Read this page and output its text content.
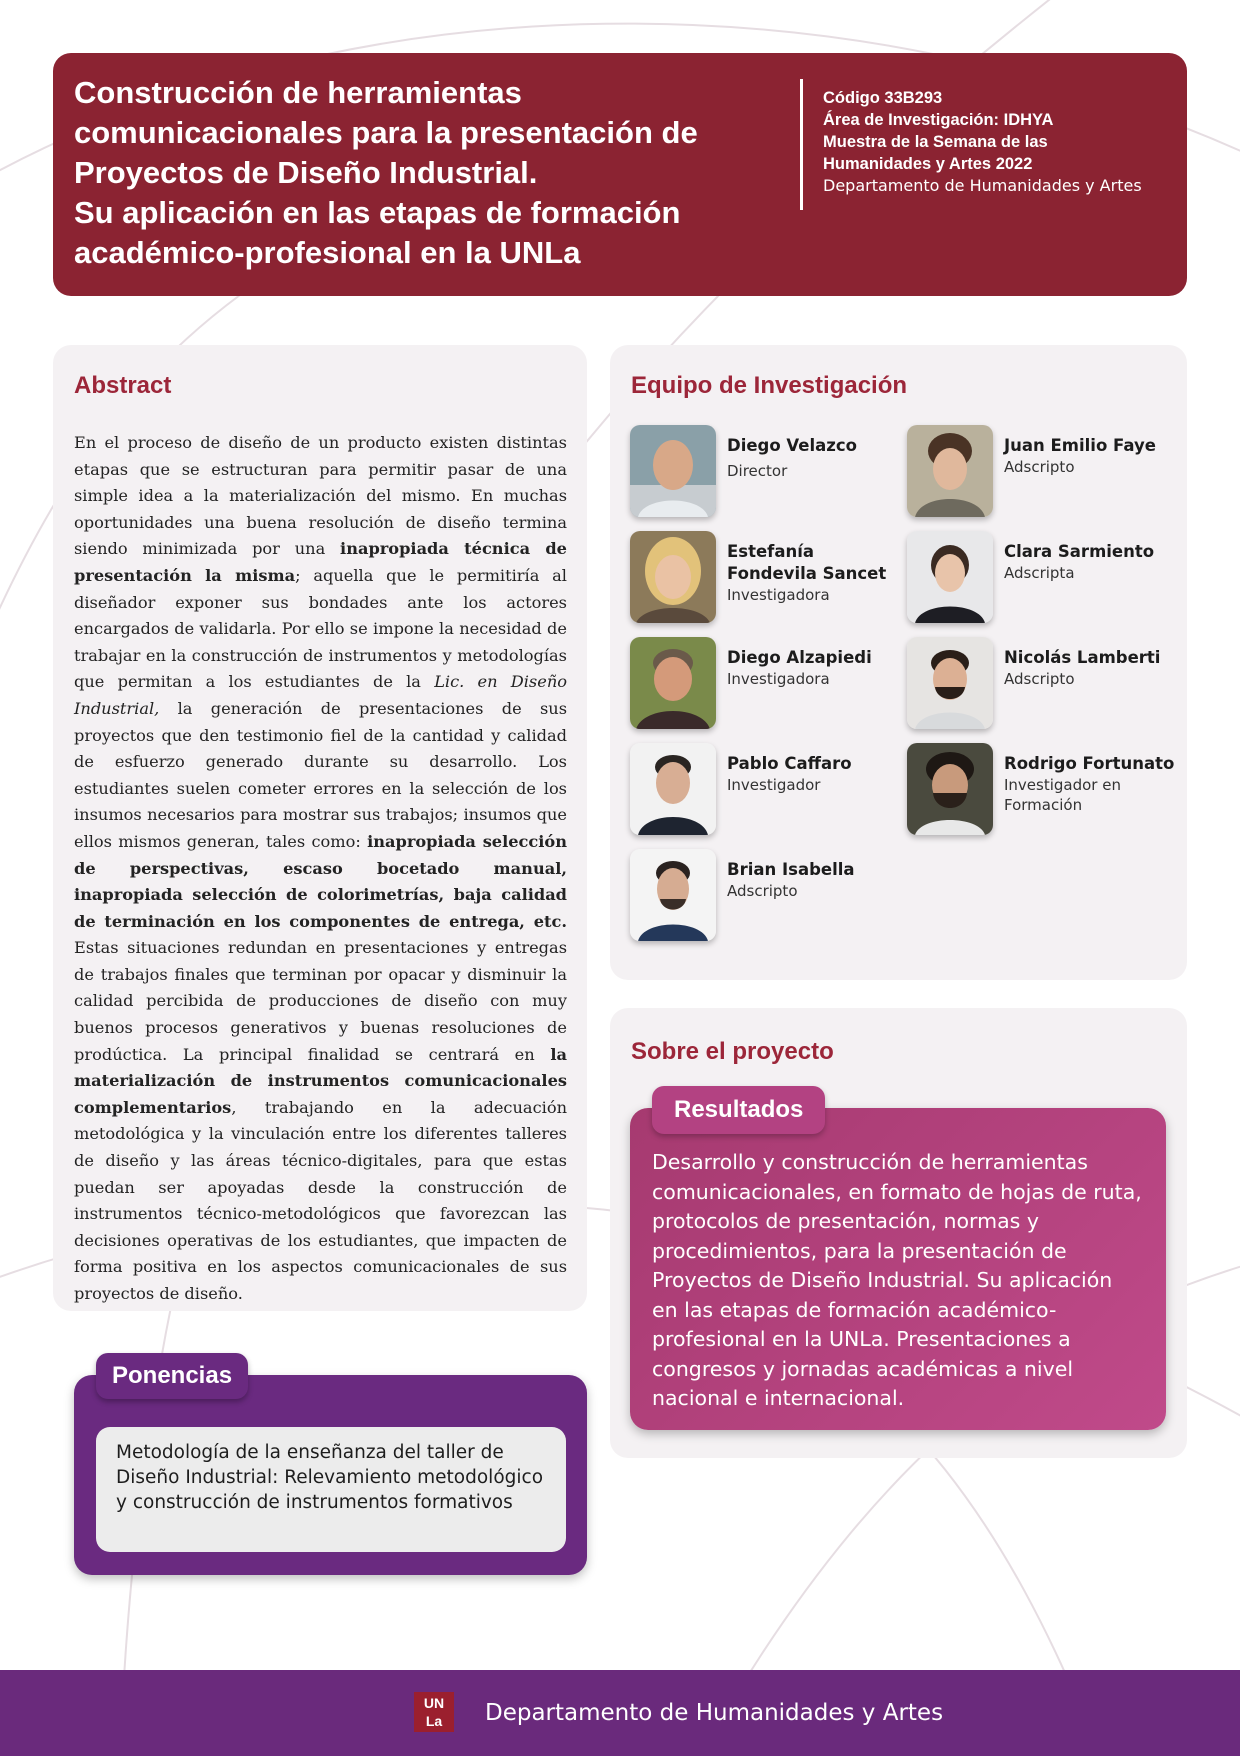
Construcción de herramientas
comunicacionales para la presentación de
Proyectos de Diseño Industrial.
Su aplicación en las etapas de formación
académico-profesional en la UNLa
Código 33B293
Área de Investigación: IDHYA
Muestra de la Semana de las
Humanidades y Artes 2022
Departamento de Humanidades y Artes
Abstract

En el proceso de diseño de un producto existen distintas etapas que se estructuran para permitir pasar de una simple idea a la materialización del mismo. En muchas oportunidades una buena resolución de diseño termina siendo minimizada por una inapropiada técnica de presentación la misma; aquella que le permitiría al diseñador exponer sus bondades ante los actores encargados de validarla. Por ello se impone la necesidad de trabajar en la construcción de instrumentos y metodologías que permitan a los estudiantes de la Lic. en Diseño Industrial, la generación de presentaciones de sus proyectos que den testimonio fiel de la cantidad y calidad de esfuerzo generado durante su desarrollo. Los estudiantes suelen cometer errores en la selección de los insumos necesarios para mostrar sus trabajos; insumos que ellos mismos generan, tales como: inapropiada selección de perspectivas, escaso bocetado manual, inapropiada selección de colorimetrías, baja calidad de terminación en los componentes de entrega, etc. Estas situaciones redundan en presentaciones y entregas de trabajos finales que terminan por opacar y disminuir la calidad percibida de producciones de diseño con muy buenos procesos generativos y buenas resoluciones de prodúctica. La principal finalidad se centrará en la materialización de instrumentos comunicacionales complementarios, trabajando en la adecuación metodológica y la vinculación entre los diferentes talleres de diseño y las áreas técnico-digitales, para que estas puedan ser apoyadas desde la construcción de instrumentos técnico-metodológicos que favorezcan las decisiones operativas de los estudiantes, que impacten de forma positiva en los aspectos comunicacionales de sus proyectos de diseño.

Equipo de Investigación
Diego Velazco
Director
Juan Emilio Faye
Adscripto
Estefanía Fondevila Sancet
Investigadora
Clara Sarmiento
Adscripta
Diego Alzapiedi
Investigadora
Nicolás Lamberti
Adscripto
Pablo Caffaro
Investigador
Rodrigo Fortunato
Investigador en Formación
Brian Isabella
Adscripto
Sobre el proyecto
Resultados

Desarrollo y construcción de herramientas comunicacionales, en formato de hojas de ruta, protocolos de presentación, normas y procedimientos, para la presentación de Proyectos de Diseño Industrial. Su aplicación en las etapas de formación académico-profesional en la UNLa. Presentaciones a congresos y jornadas académicas a nivel nacional e internacional.

Ponencias

Metodología de la enseñanza del taller de Diseño Industrial: Relevamiento metodológico y construcción de instrumentos formativos

UN
La	Departamento de Humanidades y Artes
